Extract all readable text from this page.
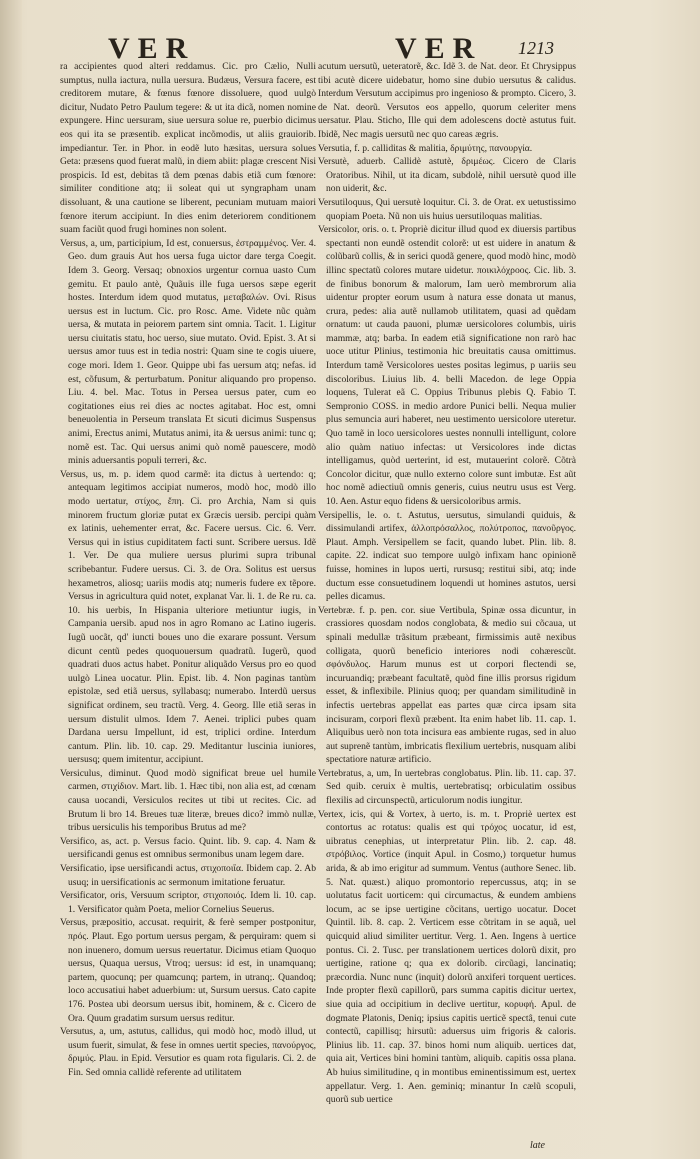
VER	VER 1213

ra accipientes quod alteri reddamus. Cic. pro Cælio, Nulli sumptus, nulla iactura, nulla uersura. Budæus, Versura facere, est creditorem mutare, & fœnus fœnore dissoluere, quod uulgò dicitur, Nudato Petro Paulum tegere: & ut ita dicã, nomen nomine expungere. Hinc uersuram, siue uersura solue re, puerbio dicimus eos qui ita se præsentib. explicat incõmodis, ut aliis grauiorib. impediantur. Ter. in Phor. in eodẽ luto hæsitas, uersura solues Geta: præsens quod fuerat malũ, in diem abiit: plagæ crescent Nisi prospicis. Id est, debitas tã dem pœnas dabis etiã cum fœnore: similiter conditione atq; ii soleat qui ut syngrapham unam dissoluant, & una cautione se liberent, pecuniam mutuam maiori fœnore iterum accipiunt. In dies enim deteriorem conditionem suam faciũt quod frugi homines non solent.

Versus, a, um, participium, Id est, conuersus, ἐστραμμένος. Ver. 4. Geo. dum grauis Aut hos uersa fuga uictor dare terga Coegit. Idem 3. Georg. Versaq; obnoxios urgentur cornua uasto Cum gemitu. Et paulo antè, Quãuis ille fuga uersos sæpe egerit hostes. Interdum idem quod mutatus, μεταβαλών. Ovi. Risus uersus est in luctum. Cic. pro Rosc. Ame. Videte nũc quàm uersa, & mutata in peiorem partem sint omnia. Tacit. 1. Ligitur uersu ciuitatis statu, hoc uerso, siue mutato. Ovid. Epist. 3. At si uersus amor tuus est in tedia nostri: Quam sine te cogis uiuere, coge mori. Idem 1. Geor. Quippe ubi fas uersum atq; nefas. id est, cõfusum, & perturbatum. Ponitur aliquando pro propenso. Liu. 4. bel. Mac. Totus in Persea uersus pater, cum eo cogitationes eius rei dies ac noctes agitabat. Hoc est, omni beneuolentia in Perseum translata Et sicuti dicimus Suspensus animi, Erectus animi, Mutatus animi, ita & uersus animi: tunc q; nomẽ est. Tac. Qui uersus animi quò nomẽ pauescere, modò minis aduersantis populi terreri, &c.

Versus, us, m. p. idem quod carmẽ: ita dictus à uertendo: q; antequam legitimos accipiat numeros, modò hoc, modò illo modo uertatur, στίχος, ἔπη. Ci. pro Archia, Nam si quis minorem fructum gloriæ putat ex Græcis uersib. percipi quàm ex latinis, uehementer errat, &c. Facere uersus. Cic. 6. Verr. Versus qui in istius cupiditatem facti sunt. Scribere uersus. Idẽ 1. Ver. De qua muliere uersus plurimi supra tribunal scribebantur. Fudere uersus. Ci. 3. de Ora. Solitus est uersus hexametros, aliosq; uariis modis atq; numeris fudere ex tẽpore. Versus in agricultura quid notet, explanat Var. li. 1. de Re ru. ca. 10. his uerbis, In Hispania ulteriore metiuntur iugis, in Campania uersib. apud nos in agro Romano ac Latino iugeris. Iugũ uocãt, qd' iuncti boues uno die exarare possunt. Versum dicunt centũ pedes quoquouersum quadratũ. Iugerũ, quod quadrati duos actus habet. Ponitur aliquãdo Versus pro eo quod uulgò Linea uocatur. Plin. Epist. lib. 4. Non paginas tantùm epistolæ, sed etiã uersus, syllabasq; numerabo. Interdũ uersus significat ordinem, seu tractũ. Verg. 4. Georg. Ille etiã seras in uersum distulit ulmos. Idem 7. Aenei. triplici pubes quam Dardana uersu Impellunt, id est, triplici ordine. Interdum cantum. Plin. lib. 10. cap. 29. Meditantur luscinia iuniores, uersusq; quem imitentur, accipiunt.

Versiculus, diminut. Quod modò significat breue uel humile carmen, στιχίδιον. Mart. lib. 1. Hæc tibi, non alia est, ad cœnam causa uocandi, Versiculos recites ut tibi ut recites. Cic. ad Brutum li bro 14. Breues tuæ literæ, breues dico? immò nullæ, tribus uersiculis his temporibus Brutus ad me?

Versifico, as, act. p. Versus facio. Quint. lib. 9. cap. 4. Nam & uersificandi genus est omnibus sermonibus unam legem dare.

Versificatio, ipse uersificandi actus, στιχοποιΐα. Ibidem cap. 2. Ab usuq; in uersificationis ac sermonum imitatione feruatur.

Versificator, oris, Versuum scriptor, στιχοποιός. Idem li. 10. cap. 1. Versificator quàm Poeta, melior Cornelius Seuerus.

Versus, præpositio, accusat. requirit, & ferè semper postponitur, πρός. Plaut. Ego portum uersus pergam, & perquiram: quem si non inuenero, domum uersus reuertatur. Dicimus etiam Quoquo uersus, Quaqua uersus, Vtroq; uersus: id est, in unamquanq; partem, quocunq; per quamcunq; partem, in utranq;. Quandoq; loco accusatiui habet aduerbium: ut, Sursum uersus. Cato capite 176. Postea ubi deorsum uersus ibit, hominem, & c. Cicero de Ora. Quum gradatim sursum uersus reditur.

Versutus, a, um, astutus, callidus, qui modò hoc, modò illud, ut usum fuerit, simulat, & fese in omnes uertit species, πανούργος, δριμύς. Plau. in Epid. Versutior es quam rota figularis. Ci. 2. de Fin. Sed omnia callidè referente ad utilitatem

acutum uersutũ, ueteratorẽ, &c. Idẽ 3. de Nat. deor. Et Chrysippus tibi acutè dicere uidebatur, homo sine dubio uersutus & calidus. Interdum Versutum accipimus pro ingenioso & prompto. Cicero, 3. de Nat. deorũ. Versutos eos appello, quorum celeriter mens uersatur. Plau. Sticho, Ille qui dem adolescens doctè astutus fuit. Ibidẽ, Nec magis uersutũ nec quo careas ægris.

Versutia, f. p. calliditas & malitia, δριμύτης, πανουργία.

Versutè, aduerb. Callidè astutè, δριμέως. Cicero de Claris Oratoribus. Nihil, ut ita dicam, subdolè, nihil uersutè quod ille non uiderit, &c.

Versutiloquus, Qui uersutè loquitur. Ci. 3. de Orat. ex uetustissimo quopiam Poeta. Nũ non uis huius uersutiloquas malitias.

Versicolor, oris. o. t. Propriè dicitur illud quod ex diuersis partibus spectanti non eundẽ ostendit colorẽ: ut est uidere in anatum & colũbarũ collis, & in serici quodã genere, quod modò hinc, modò illinc spectatũ colores mutare uidetur. ποικιλόχροος. Cic. lib. 3. de finibus bonorum & malorum, Iam uerò membrorum alia uidentur propter eorum usum à natura esse donata ut manus, crura, pedes: alia autẽ nullamob utilitatem, quasi ad quẽdam ornatum: ut cauda pauoni, plumæ uersicolores columbis, uiris mammæ, atq; barba. In eadem etiã significatione non rarò hac uoce utitur Plinius, testimonia hic breuitatis causa omittimus. Interdum tamẽ Versicolores uestes positas legimus, p uariis seu discoloribus. Liuius lib. 4. belli Macedon. de lege Oppia loquens, Tulerat eã C. Oppius Tribunus plebis Q. Fabio T. Sempronio COSS. in medio ardore Punici belli. Nequa mulier plus semuncia auri haberet, neu uestimento uersicolore uteretur. Quo tamẽ in loco uersicolores uestes nonnulli intelligunt, colore alio quàm natiuo infectas: ut Versicolores inde dictas intelligamus, quòd uerterint, id est, mutauerint colorẽ. Cõtrà Concolor dicitur, quæ nullo externo colore sunt imbutæ. Est aũt hoc nomẽ adiectiuũ omnis generis, cuius neutru usus est Verg. 10. Aen. Astur equo fidens & uersicoloribus armis.

Versipellis, le. o. t. Astutus, uersutus, simulandi quiduis, & dissimulandi artifex, ἀλλοπρόσαλλος, πολύτροπος, πανοῦργος. Plaut. Amph. Versipellem se facit, quando lubet. Plin. lib. 8. capite. 22. indicat suo tempore uulgò infixam hanc opinionẽ fuisse, homines in lupos uerti, rursusq; restitui sibi, atq; inde ductum esse consuetudinem loquendi ut homines astutos, uersi pelles dicamus.

Vertebræ. f. p. pen. cor. siue Vertibula, Spinæ ossa dicuntur, in crassiores quosdam nodos conglobata, & medio sui cõcaua, ut spinali medullæ trãsitum præbeant, firmissimis autẽ nexibus colligata, quorũ beneficio interiores nodi cohærescũt. σφόνδυλος. Harum munus est ut corpori flectendi se, incuruandiq; præbeant facultatẽ, quòd fine illis prorsus rigidum esset, & inflexibile. Plinius quoq; per quandam similitudinẽ in infectis uertebras appellat eas partes quæ circa ipsam sita incisuram, corpori flexũ præbent. Ita enim habet lib. 11. cap. 1. Aliquibus uerò non tota incisura eas ambiente rugas, sed in aluo aut suprenẽ tantùm, imbricatis flexilium uertebris, nusquam alibi spectatiore naturæ artificio.

Vertebratus, a, um, In uertebras conglobatus. Plin. lib. 11. cap. 37. Sed quib. ceruix è multis, uertebratisq; orbiculatim ossibus flexilis ad circunspectũ, articulorum nodis iungitur.

Vertex, icis, qui & Vortex, à uerto, is. m. t. Propriè uertex est contortus ac rotatus: qualis est qui τρόχος uocatur, id est, uibratus cenephias, ut interpretatur Plin. lib. 2. cap. 48. στρόβιλος. Vortice (inquit Apul. in Cosmo,) torquetur humus arida, & ab imo erigitur ad summum. Ventus (authore Senec. lib. 5. Nat. quæst.) aliquo promontorio repercussus, atq; in se uolutatus facit uorticem: qui circumactus, & eundem ambiens locum, ac se ipse uertigine cõcitans, uertigo uocatur. Docet Quintil. lib. 8. cap. 2. Verticem esse cõtritam in se aquã, uel quicquid aliud similiter uertitur. Verg. 1. Aen. Ingens à uertice pontus. Ci. 2. Tusc. per translationem uertices dolorũ dixit, pro uertigine, ratione q; qua ex dolorib. circũagi, lancinatiq; præcordia. Nunc nunc (inquit) dolorũ anxiferi torquent uertices. Inde propter flexũ capillorũ, pars summa capitis dicitur uertex, siue quia ad occipitium in declive uertitur, κορυφή. Apul. de dogmate Platonis, Deniq; ipsius capitis uerticẽ spectâ, tenui cute contectũ, capillisq; hirsutũ: aduersus uim frigoris & caloris. Plinius lib. 11. cap. 37. binos homi num aliquib. uertices dat, quia ait, Vertices bini homini tantùm, aliquib. capitis ossa plana. Ab huius similitudine, q in montibus eminentissimum est, uertex appellatur. Verg. 1. Aen. geminiq; minantur In cælũ scopuli, quorũ sub uertice

late
